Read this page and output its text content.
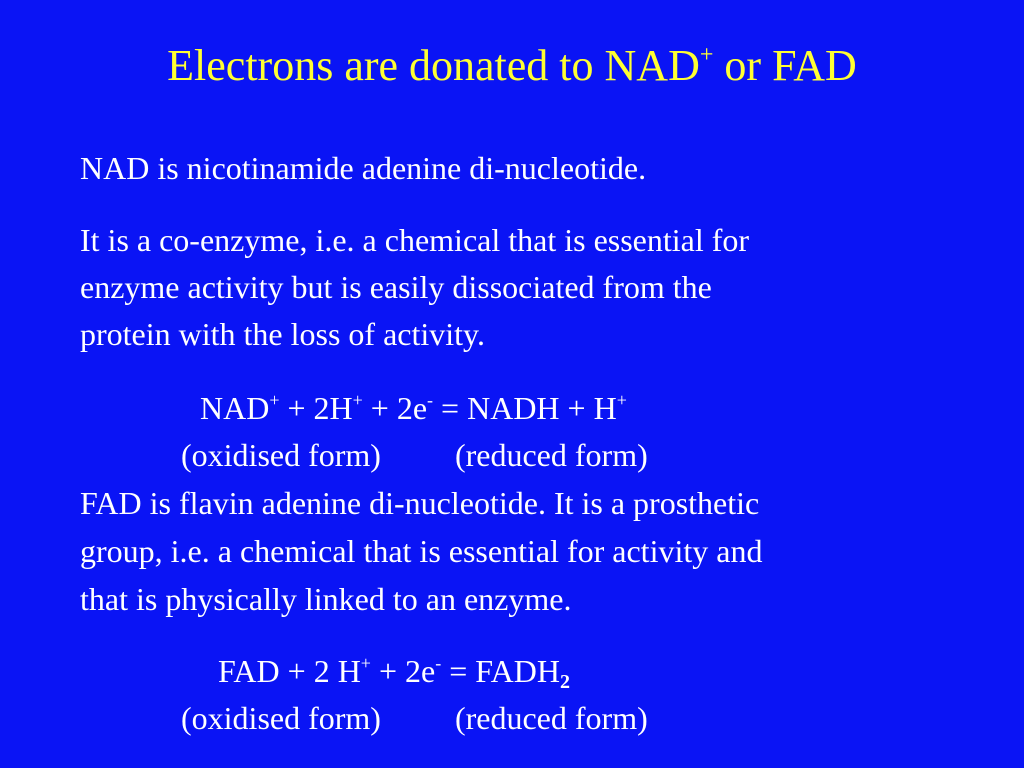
Electrons are donated to NAD+ or FAD
NAD is nicotinamide adenine di-nucleotide.
It is a co-enzyme, i.e. a chemical that is essential for
enzyme activity but is easily dissociated from the
protein with the loss of activity.
NAD+ + 2H+ + 2e- = NADH + H+
(oxidised form) (reduced form)
FAD is flavin adenine di-nucleotide. It is a prosthetic
group, i.e. a chemical that is essential for activity and
that is physically linked to an enzyme.
FAD + 2 $H^+ + 2e^- = FADH_2$
(oxidised form) (reduced form)
